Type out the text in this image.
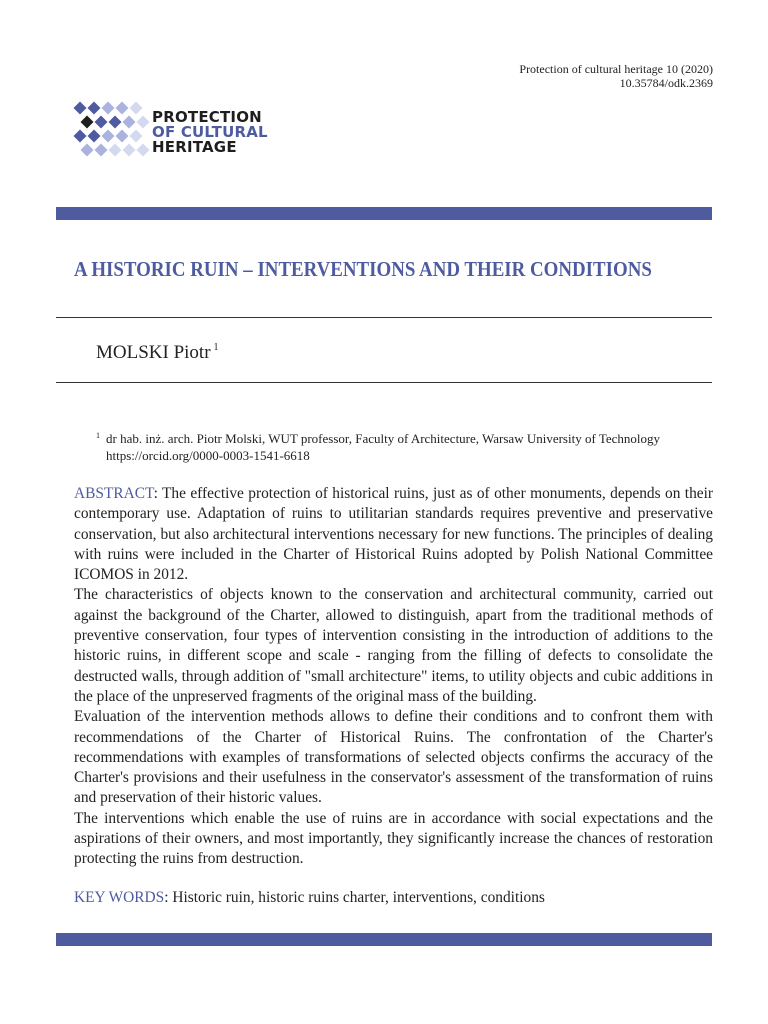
Protection of cultural heritage 10 (2020)
10.35784/odk.2369
PROTECTION
OF CULTURAL
HERITAGE
A HISTORIC RUIN – INTERVENTIONS AND THEIR CONDITIONS
MOLSKI Piotr $^1$
$^1$ dr hab. inż. arch. Piotr Molski, WUT professor, Faculty of Architecture, Warsaw University of Technology
https://orcid.org/0000-0003-1541-6618

ABSTRACT: The effective protection of historical ruins, just as of other monuments, depends on their contemporary use. Adaptation of ruins to utilitarian standards requires preventive and preservative conservation, but also architectural interventions necessary for new functions. The principles of dealing with ruins were included in the Charter of Historical Ruins adopted by Polish National Committee ICOMOS in 2012.

The characteristics of objects known to the conservation and architectural community, carried out against the background of the Charter, allowed to distinguish, apart from the traditional methods of preventive conservation, four types of intervention consisting in the introduction of additions to the historic ruins, in different scope and scale - ranging from the filling of defects to consolidate the destructed walls, through addition of "small architecture" items, to utility objects and cubic additions in the place of the unpreserved fragments of the original mass of the building.

Evaluation of the intervention methods allows to define their conditions and to confront them with recommendations of the Charter of Historical Ruins. The confrontation of the Charter's recommendations with examples of transformations of selected objects confirms the accuracy of the Charter's provisions and their usefulness in the conservator's assessment of the transformation of ruins and preservation of their historic values.

The interventions which enable the use of ruins are in accordance with social expectations and the aspirations of their owners, and most importantly, they significantly increase the chances of restoration protecting the ruins from destruction.

KEY WORDS: Historic ruin, historic ruins charter, interventions, conditions
